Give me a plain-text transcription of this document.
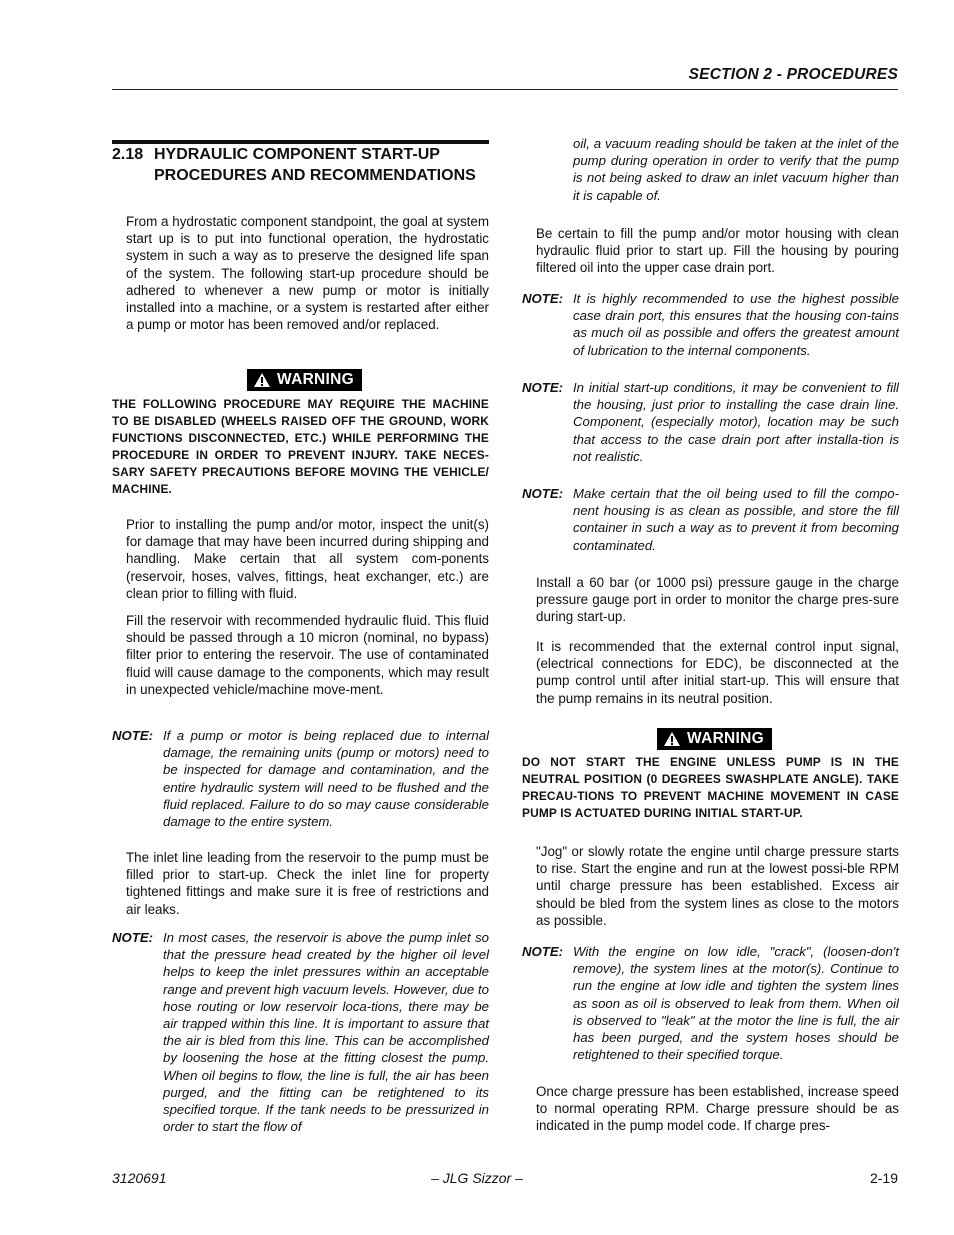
SECTION 2 - PROCEDURES
2.18 HYDRAULIC COMPONENT START-UP PROCEDURES AND RECOMMENDATIONS

From a hydrostatic component standpoint, the goal at system start up is to put into functional operation, the hydrostatic system in such a way as to preserve the designed life span of the system. The following start-up procedure should be adhered to whenever a new pump or motor is initially installed into a machine, or a system is restarted after either a pump or motor has been removed and/or replaced.

WARNING
THE FOLLOWING PROCEDURE MAY REQUIRE THE MACHINE TO BE DISABLED (WHEELS RAISED OFF THE GROUND, WORK FUNCTIONS DISCONNECTED, ETC.) WHILE PERFORMING THE PROCEDURE IN ORDER TO PREVENT INJURY. TAKE NECES-SARY SAFETY PRECAUTIONS BEFORE MOVING THE VEHICLE/ MACHINE.

Prior to installing the pump and/or motor, inspect the unit(s) for damage that may have been incurred during shipping and handling. Make certain that all system com-ponents (reservoir, hoses, valves, fittings, heat exchanger, etc.) are clean prior to filling with fluid.

Fill the reservoir with recommended hydraulic fluid. This fluid should be passed through a 10 micron (nominal, no bypass) filter prior to entering the reservoir. The use of contaminated fluid will cause damage to the components, which may result in unexpected vehicle/machine move-ment.

NOTE: If a pump or motor is being replaced due to internal damage, the remaining units (pump or motors) need to be inspected for damage and contamination, and the entire hydraulic system will need to be flushed and the fluid replaced. Failure to do so may cause considerable damage to the entire system.

The inlet line leading from the reservoir to the pump must be filled prior to start-up. Check the inlet line for property tightened fittings and make sure it is free of restrictions and air leaks.

NOTE: In most cases, the reservoir is above the pump inlet so that the pressure head created by the higher oil level helps to keep the inlet pressures within an acceptable range and prevent high vacuum levels. However, due to hose routing or low reservoir loca-tions, there may be air trapped within this line. It is important to assure that the air is bled from this line. This can be accomplished by loosening the hose at the fitting closest the pump. When oil begins to flow, the line is full, the air has been purged, and the fitting can be retightened to its specified torque. If the tank needs to be pressurized in order to start the flow of
oil, a vacuum reading should be taken at the inlet of the pump during operation in order to verify that the pump is not being asked to draw an inlet vacuum higher than it is capable of.

Be certain to fill the pump and/or motor housing with clean hydraulic fluid prior to start up. Fill the housing by pouring filtered oil into the upper case drain port.

NOTE: It is highly recommended to use the highest possible case drain port, this ensures that the housing con-tains as much oil as possible and offers the greatest amount of lubrication to the internal components.
NOTE: In initial start-up conditions, it may be convenient to fill the housing, just prior to installing the case drain line. Component, (especially motor), location may be such that access to the case drain port after installa-tion is not realistic.
NOTE: Make certain that the oil being used to fill the compo-nent housing is as clean as possible, and store the fill container in such a way as to prevent it from becoming contaminated.

Install a 60 bar (or 1000 psi) pressure gauge in the charge pressure gauge port in order to monitor the charge pres-sure during start-up.

It is recommended that the external control input signal, (electrical connections for EDC), be disconnected at the pump control until after initial start-up. This will ensure that the pump remains in its neutral position.

WARNING
DO NOT START THE ENGINE UNLESS PUMP IS IN THE NEUTRAL POSITION (0 DEGREES SWASHPLATE ANGLE). TAKE PRECAU-TIONS TO PREVENT MACHINE MOVEMENT IN CASE PUMP IS ACTUATED DURING INITIAL START-UP.

"Jog" or slowly rotate the engine until charge pressure starts to rise. Start the engine and run at the lowest possi-ble RPM until charge pressure has been established. Excess air should be bled from the system lines as close to the motors as possible.

NOTE: With the engine on low idle, "crack", (loosen-don't remove), the system lines at the motor(s). Continue to run the engine at low idle and tighten the system lines as soon as oil is observed to leak from them. When oil is observed to "leak" at the motor the line is full, the air has been purged, and the system hoses should be retightened to their specified torque.

Once charge pressure has been established, increase speed to normal operating RPM. Charge pressure should be as indicated in the pump model code. If charge pres-

3120691	– JLG Sizzor –	2-19
